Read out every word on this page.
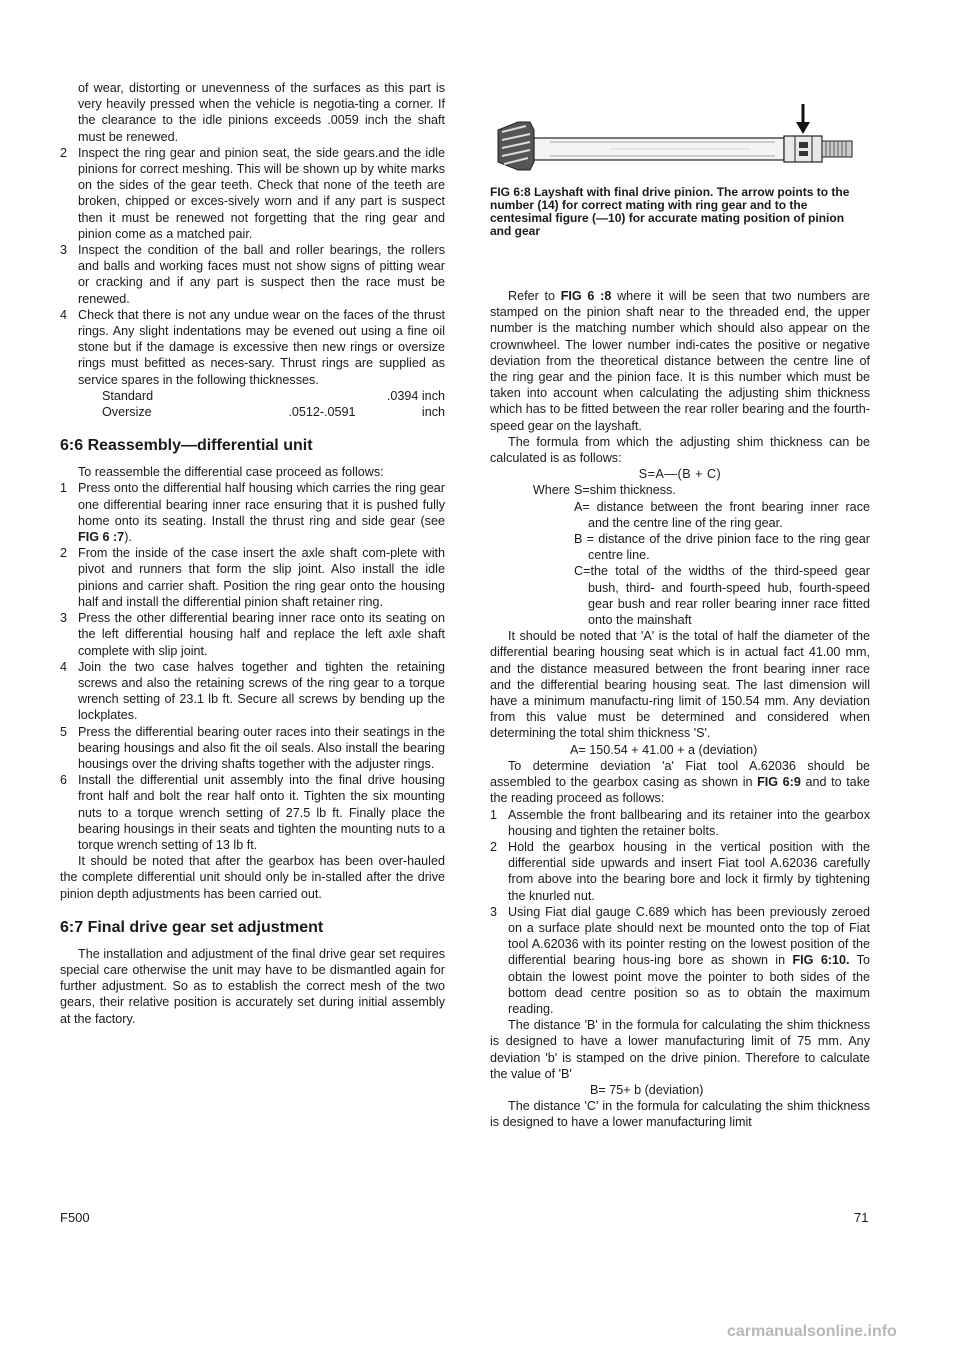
of wear, distorting or unevenness of the surfaces as this part is very heavily pressed when the vehicle is negotia-ting a corner. If the clearance to the idle pinions exceeds .0059 inch the shaft must be renewed.

2 Inspect the ring gear and pinion seat, the side gears.and the idle pinions for correct meshing. This will be shown up by white marks on the sides of the gear teeth. Check that none of the teeth are broken, chipped or exces-sively worn and if any part is suspect then it must be renewed not forgetting that the ring gear and pinion come as a matched pair.

3 Inspect the condition of the ball and roller bearings, the rollers and balls and working faces must not show signs of pitting wear or cracking and if any part is suspect then the race must be renewed.

4 Check that there is not any undue wear on the faces of the thrust rings. Any slight indentations may be evened out using a fine oil stone but if the damage is excessive then new rings or oversize rings must befitted as neces-sary. Thrust rings are supplied as service spares in the following thicknesses.

Standard	.0394 inch
Oversize	.0512-.0591	inch
6:6 Reassembly—differential unit

To reassemble the differential case proceed as follows:

1 Press onto the differential half housing which carries the ring gear one differential bearing inner race ensuring that it is pushed fully home onto its seating. Install the thrust ring and side gear (see FIG 6 :7).

2 From the inside of the case insert the axle shaft com-plete with pivot and runners that form the slip joint. Also install the idle pinions and carrier shaft. Position the ring gear onto the housing half and install the differential pinion shaft retainer ring.

3 Press the other differential bearing inner race onto its seating on the left differential housing half and replace the left axle shaft complete with slip joint.

4 Join the two case halves together and tighten the retaining screws and also the retaining screws of the ring gear to a torque wrench setting of 23.1 lb ft. Secure all screws by bending up the lockplates.

5 Press the differential bearing outer races into their seatings in the bearing housings and also fit the oil seals. Also install the bearing housings over the driving shafts together with the adjuster rings.

6 Install the differential unit assembly into the final drive housing front half and bolt the rear half onto it. Tighten the six mounting nuts to a torque wrench setting of 27.5 lb ft. Finally place the bearing housings in their seats and tighten the mounting nuts to a torque wrench setting of 13 lb ft.

It should be noted that after the gearbox has been over-hauled the complete differential unit should only be in-stalled after the drive pinion depth adjustments has been carried out.

6:7 Final drive gear set adjustment

The installation and adjustment of the final drive gear set requires special care otherwise the unit may have to be dismantled again for further adjustment. So as to establish the correct mesh of the two gears, their relative position is accurately set during initial assembly at the factory.

FIG 6:8 Layshaft with final drive pinion. The arrow points to the number (14) for correct mating with ring gear and to the centesimal figure (—10) for accurate mating position of pinion and gear

Refer to FIG 6 :8 where it will be seen that two numbers are stamped on the pinion shaft near to the threaded end, the upper number is the matching number which should also appear on the crownwheel. The lower number indi-cates the positive or negative deviation from the theoretical distance between the centre line of the ring gear and the pinion face. It is this number which must be taken into account when calculating the adjusting shim thickness which has to be fitted between the rear roller bearing and the fourth-speed gear on the layshaft.

The formula from which the adjusting shim thickness can be calculated is as follows:

S=A—(B + C)

Where S=shim thickness.

A= distance between the front bearing inner race and the centre line of the ring gear.

B = distance of the drive pinion face to the ring gear centre line.

C=the total of the widths of the third-speed gear bush, third- and fourth-speed hub, fourth-speed gear bush and rear roller bearing inner race fitted onto the mainshaft

It should be noted that 'A' is the total of half the diameter of the differential bearing housing seat which is in actual fact 41.00 mm, and the distance measured between the front bearing inner race and the differential bearing housing seat. The last dimension will have a minimum manufactu-ring limit of 150.54 mm. Any deviation from this value must be determined and considered when determining the total shim thickness 'S'.

A= 150.54 + 41.00 + a (deviation)

To determine deviation 'a' Fiat tool A.62036 should be assembled to the gearbox casing as shown in FIG 6:9 and to take the reading proceed as follows:

1 Assemble the front ballbearing and its retainer into the gearbox housing and tighten the retainer bolts.

2 Hold the gearbox housing in the vertical position with the differential side upwards and insert Fiat tool A.62036 carefully from above into the bearing bore and lock it firmly by tightening the knurled nut.

3 Using Fiat dial gauge C.689 which has been previously zeroed on a surface plate should next be mounted onto the top of Fiat tool A.62036 with its pointer resting on the lowest position of the differential bearing hous-ing bore as shown in FIG 6:10. To obtain the lowest point move the pointer to both sides of the bottom dead centre position so as to obtain the maximum reading.

The distance 'B' in the formula for calculating the shim thickness is designed to have a lower manufacturing limit of 75 mm. Any deviation 'b' is stamped on the drive pinion. Therefore to calculate the value of 'B'

B= 75+ b (deviation)

The distance 'C' in the formula for calculating the shim thickness is designed to have a lower manufacturing limit

F500	71
carmanualsonline.info
